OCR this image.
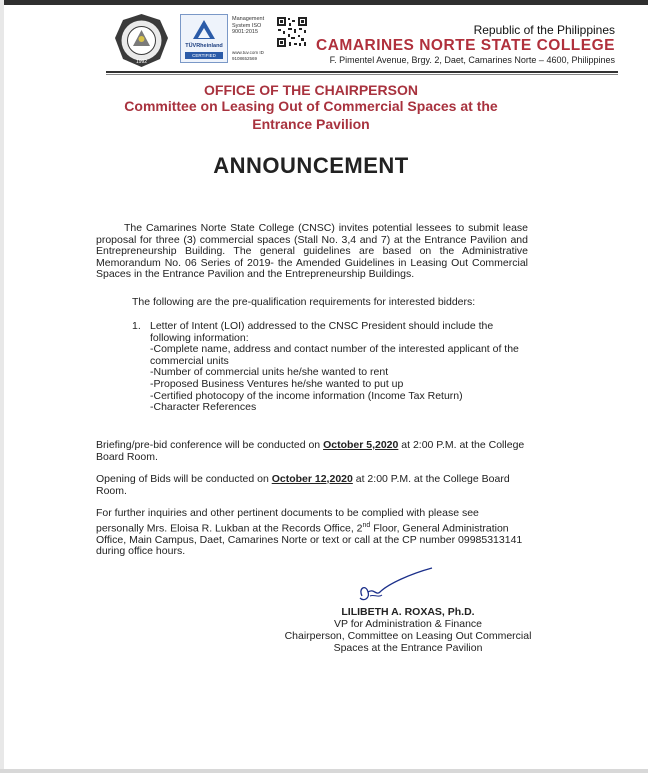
1992
TÜVRheinland
CERTIFIED
Management System ISO 9001:2015
www.tuv.com ID 9108652569
Republic of the Philippines
CAMARINES NORTE STATE COLLEGE
F. Pimentel Avenue, Brgy. 2, Daet, Camarines Norte – 4600, Philippines
OFFICE OF THE CHAIRPERSON
Committee on Leasing Out of Commercial Spaces at the Entrance Pavilion
ANNOUNCEMENT
The Camarines Norte State College (CNSC) invites potential lessees to submit lease proposal for three (3) commercial spaces (Stall No. 3,4 and 7) at the Entrance Pavilion and Entrepreneurship Building. The general guidelines are based on the Administrative Memorandum No. 06 Series of 2019- the Amended Guidelines in Leasing Out Commercial Spaces in the Entrance Pavilion and the Entrepreneurship Buildings.
The following are the pre-qualification requirements for interested bidders:
1. Letter of Intent (LOI) addressed to the CNSC President should include the following information:
-Complete name, address and contact number of the interested applicant of the commercial units
-Number of commercial units he/she wanted to rent
-Proposed Business Ventures he/she wanted to put up
-Certified photocopy of the income information (Income Tax Return)
-Character References
Briefing/pre-bid conference will be conducted on October 5,2020 at 2:00 P.M. at the College Board Room.
Opening of Bids will be conducted on October 12,2020 at 2:00 P.M. at the College Board Room.
For further inquiries and other pertinent documents to be complied with please see personally Mrs. Eloisa R. Lukban at the Records Office, 2nd Floor, General Administration Office, Main Campus, Daet, Camarines Norte or text or call at the CP number 09985313141 during office hours.
LILIBETH A. ROXAS, Ph.D.
VP for Administration & Finance
Chairperson, Committee on Leasing Out Commercial
Spaces at the Entrance Pavilion
